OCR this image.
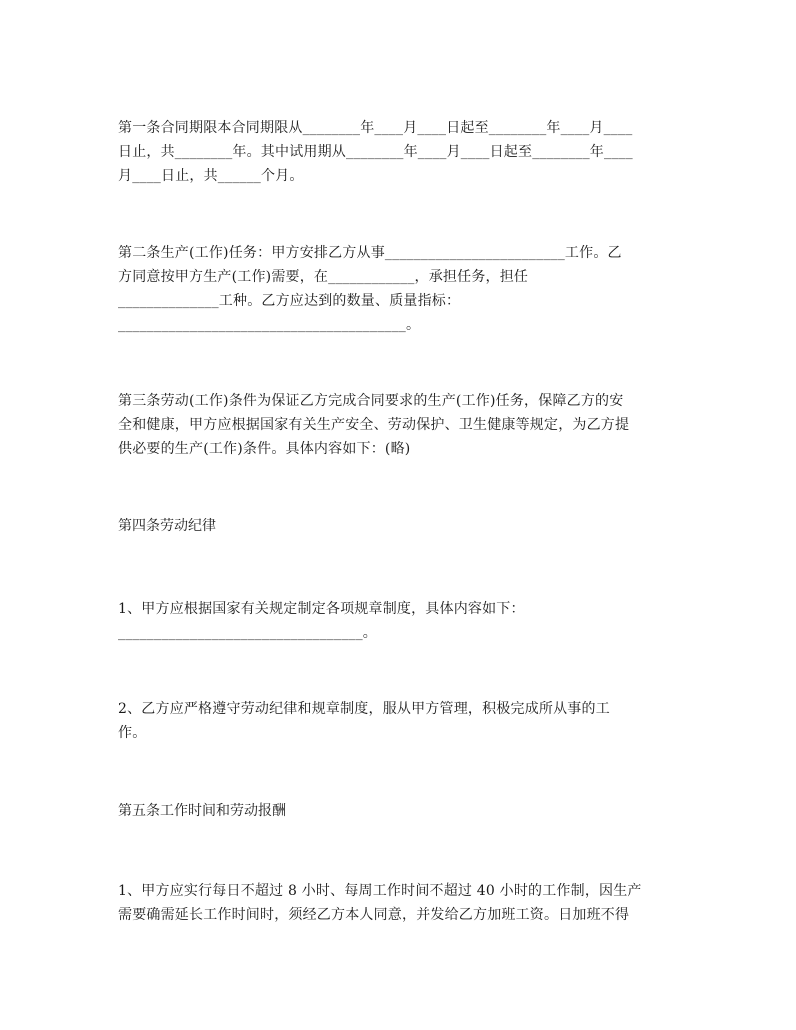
第一条合同期限本合同期限从________年____月____日起至________年____月____
日止，共________年。其中试用期从________年____月____日起至________年____
月____日止，共______个月。
第二条生产(工作)任务：甲方安排乙方从事_________________________工作。乙
方同意按甲方生产(工作)需要，在____________，承担任务，担任
______________工种。乙方应达到的数量、质量指标：
________________________________________。
第三条劳动(工作)条件为保证乙方完成合同要求的生产(工作)任务，保障乙方的安
全和健康，甲方应根据国家有关生产安全、劳动保护、卫生健康等规定，为乙方提
供必要的生产(工作)条件。具体内容如下：(略)
第四条劳动纪律
1、甲方应根据国家有关规定制定各项规章制度，具体内容如下：
__________________________________。
2、乙方应严格遵守劳动纪律和规章制度，服从甲方管理，积极完成所从事的工
作。
第五条工作时间和劳动报酬
1、甲方应实行每日不超过 8 小时、每周工作时间不超过 40 小时的工作制，因生产
需要确需延长工作时间时，须经乙方本人同意，并发给乙方加班工资。日加班不得
